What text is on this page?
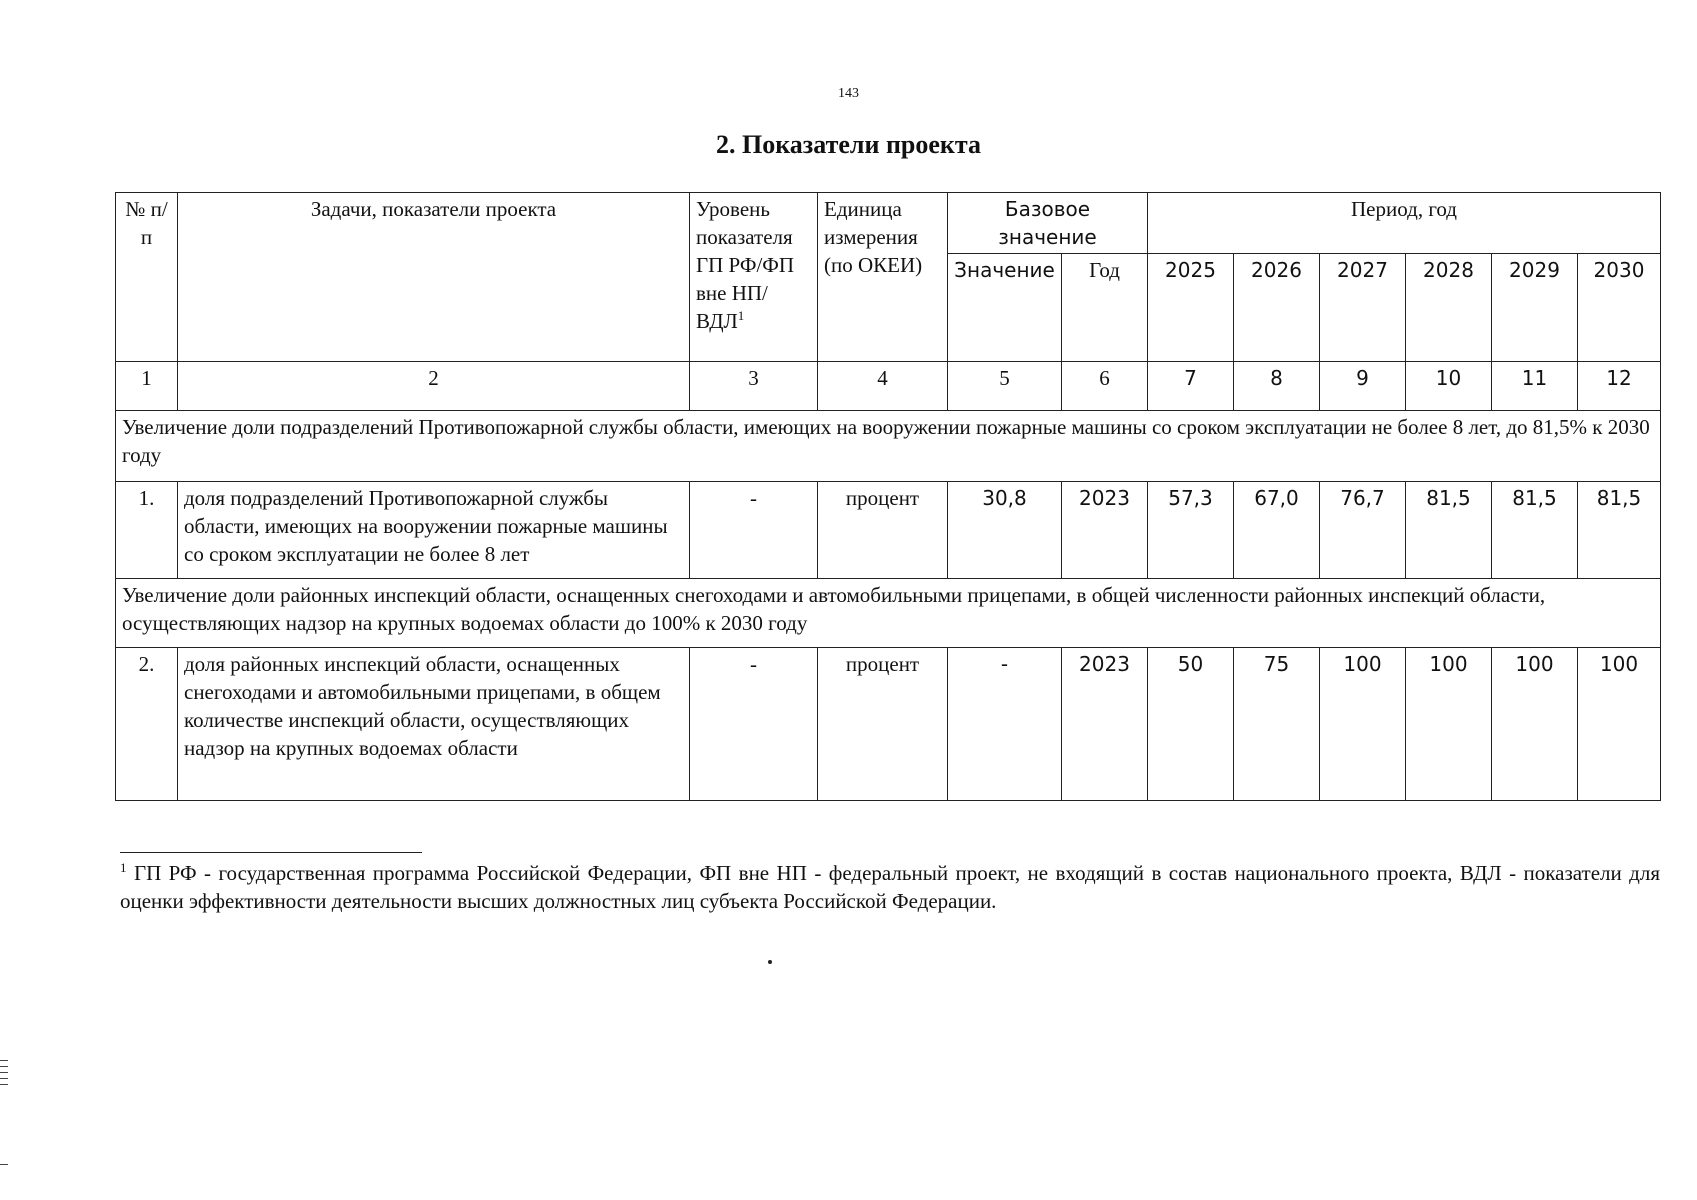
143
2. Показатели проекта
№ п/п	Задачи, показатели проекта	Уровень показателя ГП РФ/ФП вне НП/ВДЛ$^1$	Единица измерения (по ОКЕИ)	Базовое значение		Период, год					
				Значение	Год	2025	2026	2027	2028	2029	2030
1	2	3	4	5	6	7	8	9	10	11	12
Увеличение доли подразделений Противопожарной службы области, имеющих на вооружении пожарные машины со сроком эксплуатации не более 8 лет, до 81,5% к 2030 году											
1.	доля подразделений Противопожарной службы области, имеющих на вооружении пожарные машины со сроком эксплуатации не более 8 лет	-	процент	30,8	2023	57,3	67,0	76,7	81,5	81,5	81,5
Увеличение доли районных инспекций области, оснащенных снегоходами и автомобильными прицепами, в общей численности районных инспекций области, осуществляющих надзор на крупных водоемах области до 100% к 2030 году											
2.	доля районных инспекций области, оснащенных снегоходами и автомобильными прицепами, в общем количестве инспекций области, осуществляющих надзор на крупных водоемах области	-	процент	-	2023	50	75	100	100	100	100
$^1$ ГП РФ - государственная программа Российской Федерации, ФП вне НП - федеральный проект, не входящий в состав национального проекта, ВДЛ - показатели для оценки эффективности деятельности высших должностных лиц субъекта Российской Федерации.
